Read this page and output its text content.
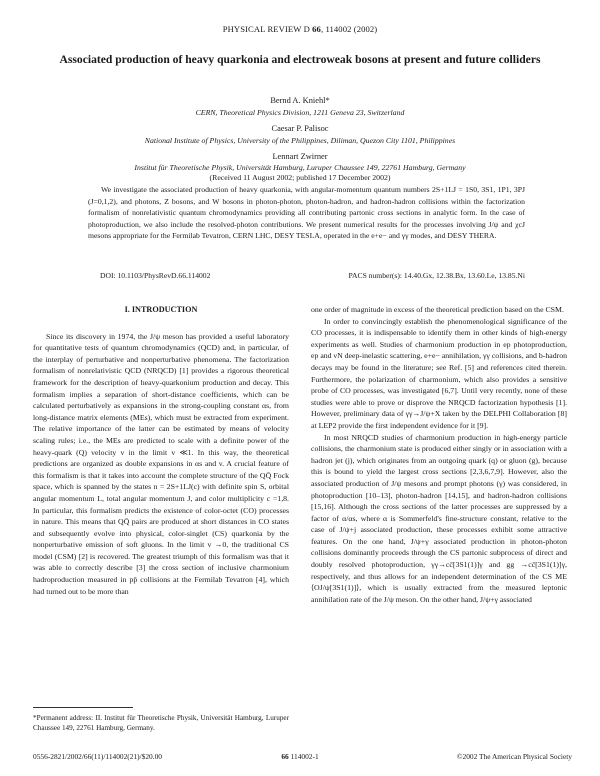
PHYSICAL REVIEW D 66, 114002 (2002)
Associated production of heavy quarkonia and electroweak bosons at present and future colliders
Bernd A. Kniehl*
CERN, Theoretical Physics Division, 1211 Geneva 23, Switzerland
Caesar P. Palisoc
National Institute of Physics, University of the Philippines, Diliman, Quezon City 1101, Philippines
Lennart Zwirner
Institut für Theoretische Physik, Universität Hamburg, Luruper Chaussee 149, 22761 Hamburg, Germany
(Received 11 August 2002; published 17 December 2002)
We investigate the associated production of heavy quarkonia, with angular-momentum quantum numbers 2S+1LJ = 1S0, 3S1, 1P1, 3PJ (J=0,1,2), and photons, Z bosons, and W bosons in photon-photon, photon-hadron, and hadron-hadron collisions within the factorization formalism of nonrelativistic quantum chromodynamics providing all contributing partonic cross sections in analytic form. In the case of photoproduction, we also include the resolved-photon contributions. We present numerical results for the processes involving J/ψ and χcJ mesons appropriate for the Fermilab Tevatron, CERN LHC, DESY TESLA, operated in the e+e− and γγ modes, and DESY THERA.
DOI: 10.1103/PhysRevD.66.114002	PACS number(s): 14.40.Gx, 12.38.Bx, 13.60.Le, 13.85.Ni
I. INTRODUCTION

Since its discovery in 1974, the J/ψ meson has provided a useful laboratory for quantitative tests of quantum chromodynamics (QCD) and, in particular, of the interplay of perturbative and nonperturbative phenomena. The factorization formalism of nonrelativistic QCD (NRQCD) [1] provides a rigorous theoretical framework for the description of heavy-quarkonium production and decay. This formalism implies a separation of short-distance coefficients, which can be calculated perturbatively as expansions in the strong-coupling constant αs, from long-distance matrix elements (MEs), which must be extracted from experiment. The relative importance of the latter can be estimated by means of velocity scaling rules; i.e., the MEs are predicted to scale with a definite power of the heavy-quark (Q) velocity v in the limit v ≪1. In this way, the theoretical predictions are organized as double expansions in αs and v. A crucial feature of this formalism is that it takes into account the complete structure of the QQ̄ Fock space, which is spanned by the states n = 2S+1LJ(c) with definite spin S, orbital angular momentum L, total angular momentum J, and color multiplicity c =1,8. In particular, this formalism predicts the existence of color-octet (CO) processes in nature. This means that QQ̄ pairs are produced at short distances in CO states and subsequently evolve into physical, color-singlet (CS) quarkonia by the nonperturbative emission of soft gluons. In the limit v →0, the traditional CS model (CSM) [2] is recovered. The greatest triumph of this formalism was that it was able to correctly describe [3] the cross section of inclusive charmonium hadroproduction measured in pp̄ collisions at the Fermilab Tevatron [4], which had turned out to be more than

one order of magnitude in excess of the theoretical prediction based on the CSM.

In order to convincingly establish the phenomenological significance of the CO processes, it is indispensable to identify them in other kinds of high-energy experiments as well. Studies of charmonium production in ep photoproduction, ep and νN deep-inelastic scattering, e+e− annihilation, γγ collisions, and b-hadron decays may be found in the literature; see Ref. [5] and references cited therein. Furthermore, the polarization of charmonium, which also provides a sensitive probe of CO processes, was investigated [6,7]. Until very recently, none of these studies were able to prove or disprove the NRQCD factorization hypothesis [1]. However, preliminary data of γγ→J/ψ+X taken by the DELPHI Collaboration [8] at LEP2 provide the first independent evidence for it [9].

In most NRQCD studies of charmonium production in high-energy particle collisions, the charmonium state is produced either singly or in association with a hadron jet (j), which originates from an outgoing quark (q) or gluon (g), because this is bound to yield the largest cross sections [2,3,6,7,9]. However, also the associated production of J/ψ mesons and prompt photons (γ) was considered, in photoproduction [10–13], photon-hadron [14,15], and hadron-hadron collisions [15,16]. Although the cross sections of the latter processes are suppressed by a factor of α/αs, where α is Sommerfeld's fine-structure constant, relative to the case of J/ψ+j associated production, these processes exhibit some attractive features. On the one hand, J/ψ+γ associated production in photon-photon collisions dominantly proceeds through the CS partonic subprocess of direct and doubly resolved photoproduction, γγ→cc̄[3S1(1)]γ and gg →cc̄[3S1(1)]γ, respectively, and thus allows for an independent determination of the CS ME ⟨OJ/ψ[3S1(1)]⟩, which is usually extracted from the measured leptonic annihilation rate of the J/ψ meson. On the other hand, J/ψ+γ associated

*Permanent address: II. Institut für Theoretische Physik, Universität Hamburg, Luruper Chaussee 149, 22761 Hamburg, Germany.
0556-2821/2002/66(11)/114002(21)/$20.00	66 114002-1	©2002 The American Physical Society
